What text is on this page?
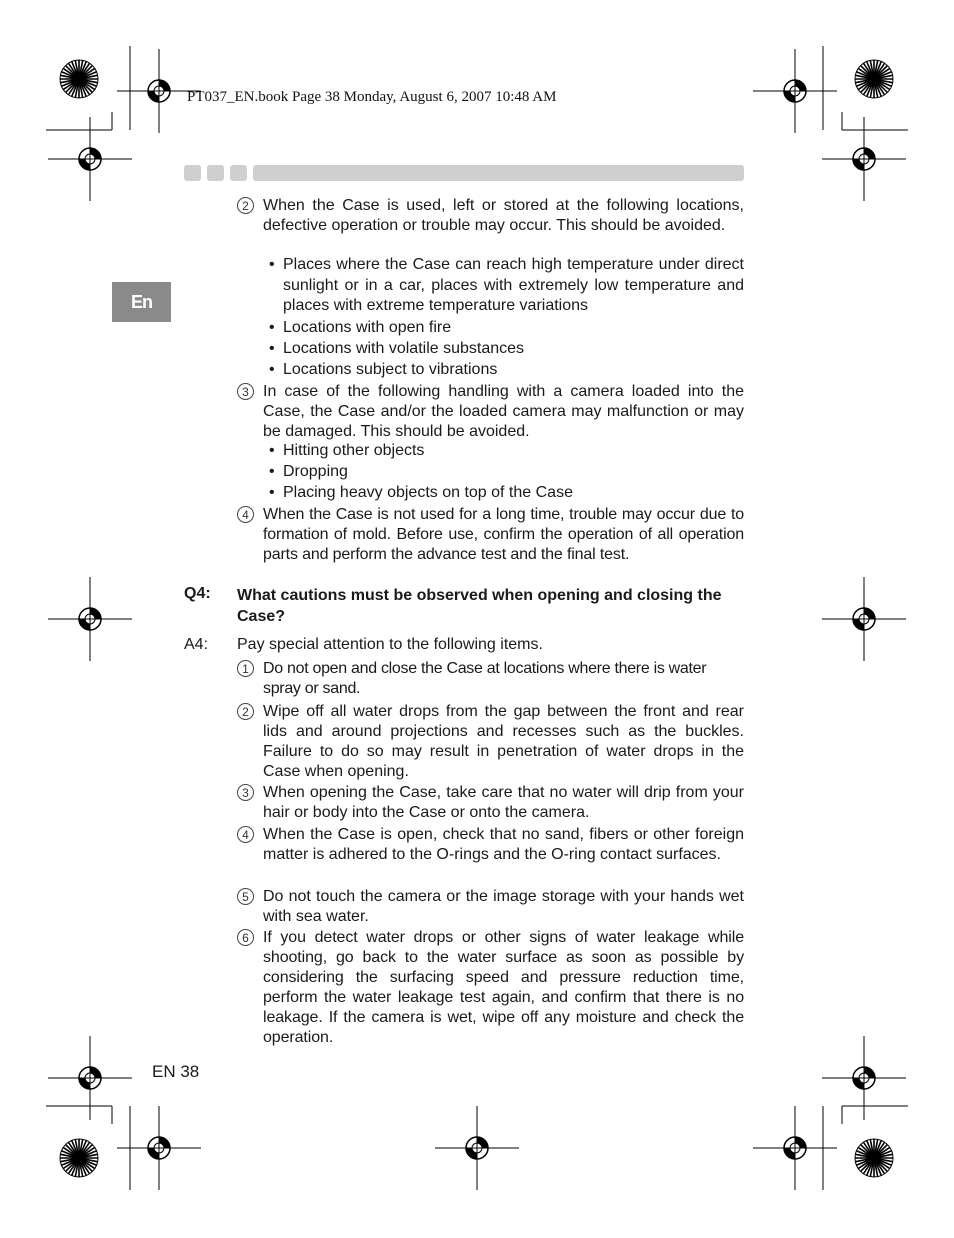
PT037_EN.book Page 38 Monday, August 6, 2007 10:48 AM
En
2 When the Case is used, left or stored at the following locations, defective operation or trouble may occur. This should be avoided.
• Places where the Case can reach high temperature under direct sunlight or in a car, places with extremely low temperature and places with extreme temperature variations
• Locations with open fire
• Locations with volatile substances
• Locations subject to vibrations
3 In case of the following handling with a camera loaded into the Case, the Case and/or the loaded camera may malfunction or may be damaged. This should be avoided.
• Hitting other objects
• Dropping
• Placing heavy objects on top of the Case
4 When the Case is not used for a long time, trouble may occur due to formation of mold. Before use, confirm the operation of all operation parts and perform the advance test and the final test.
Q4: What cautions must be observed when opening and closing the Case?
A4: Pay special attention to the following items.
1 Do not open and close the Case at locations where there is water spray or sand.
2 Wipe off all water drops from the gap between the front and rear lids and around projections and recesses such as the buckles. Failure to do so may result in penetration of water drops in the Case when opening.
3 When opening the Case, take care that no water will drip from your hair or body into the Case or onto the camera.
4 When the Case is open, check that no sand, fibers or other foreign matter is adhered to the O-rings and the O-ring contact surfaces.
5 Do not touch the camera or the image storage with your hands wet with sea water.
6 If you detect water drops or other signs of water leakage while shooting, go back to the water surface as soon as possible by considering the surfacing speed and pressure reduction time, perform the water leakage test again, and confirm that there is no leakage. If the camera is wet, wipe off any moisture and check the operation.
EN 38
